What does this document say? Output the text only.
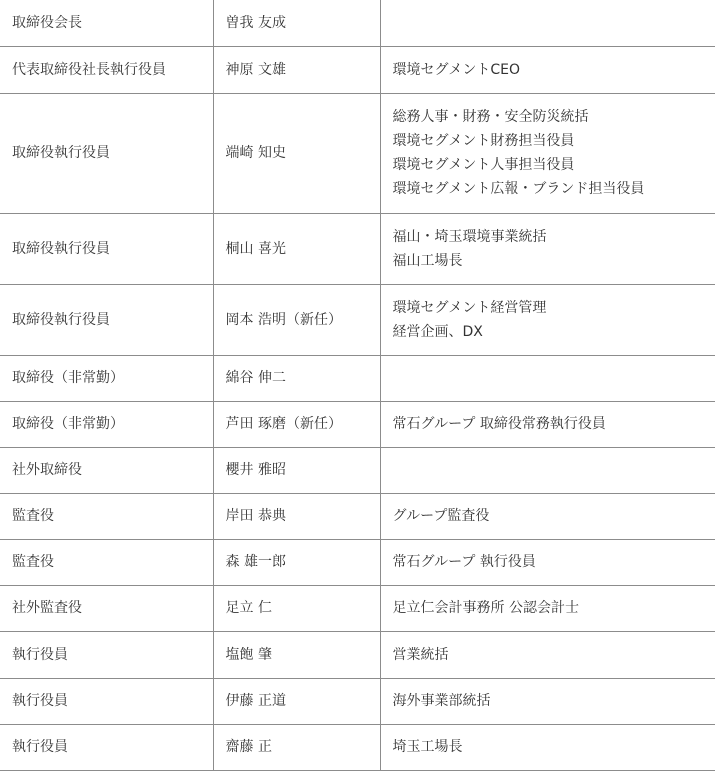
取締役会長	曽我 友成	
代表取締役社長執行役員	神原 文雄	環境セグメントCEO

取締役執行役員	端崎 知史	総務人事・財務・安全防災統括
環境セグメント財務担当役員
環境セグメント人事担当役員
環境セグメント広報・ブランド担当役員

取締役執行役員	桐山 喜光	福山・埼玉環境事業統括
福山工場長

取締役執行役員	岡本 浩明（新任）	環境セグメント経営管理
経営企画、DX

取締役（非常勤）	綿谷 伸二	
取締役（非常勤）	芦田 琢磨（新任）	常石グループ 取締役常務執行役員

社外取締役	櫻井 雅昭	
監査役	岸田 恭典	グループ監査役

監査役	森 雄一郎	常石グループ 執行役員

社外監査役	足立 仁	足立仁会計事務所 公認会計士

執行役員	塩飽 肇	営業統括

執行役員	伊藤 正道	海外事業部統括

執行役員	齋藤 正	埼玉工場長
